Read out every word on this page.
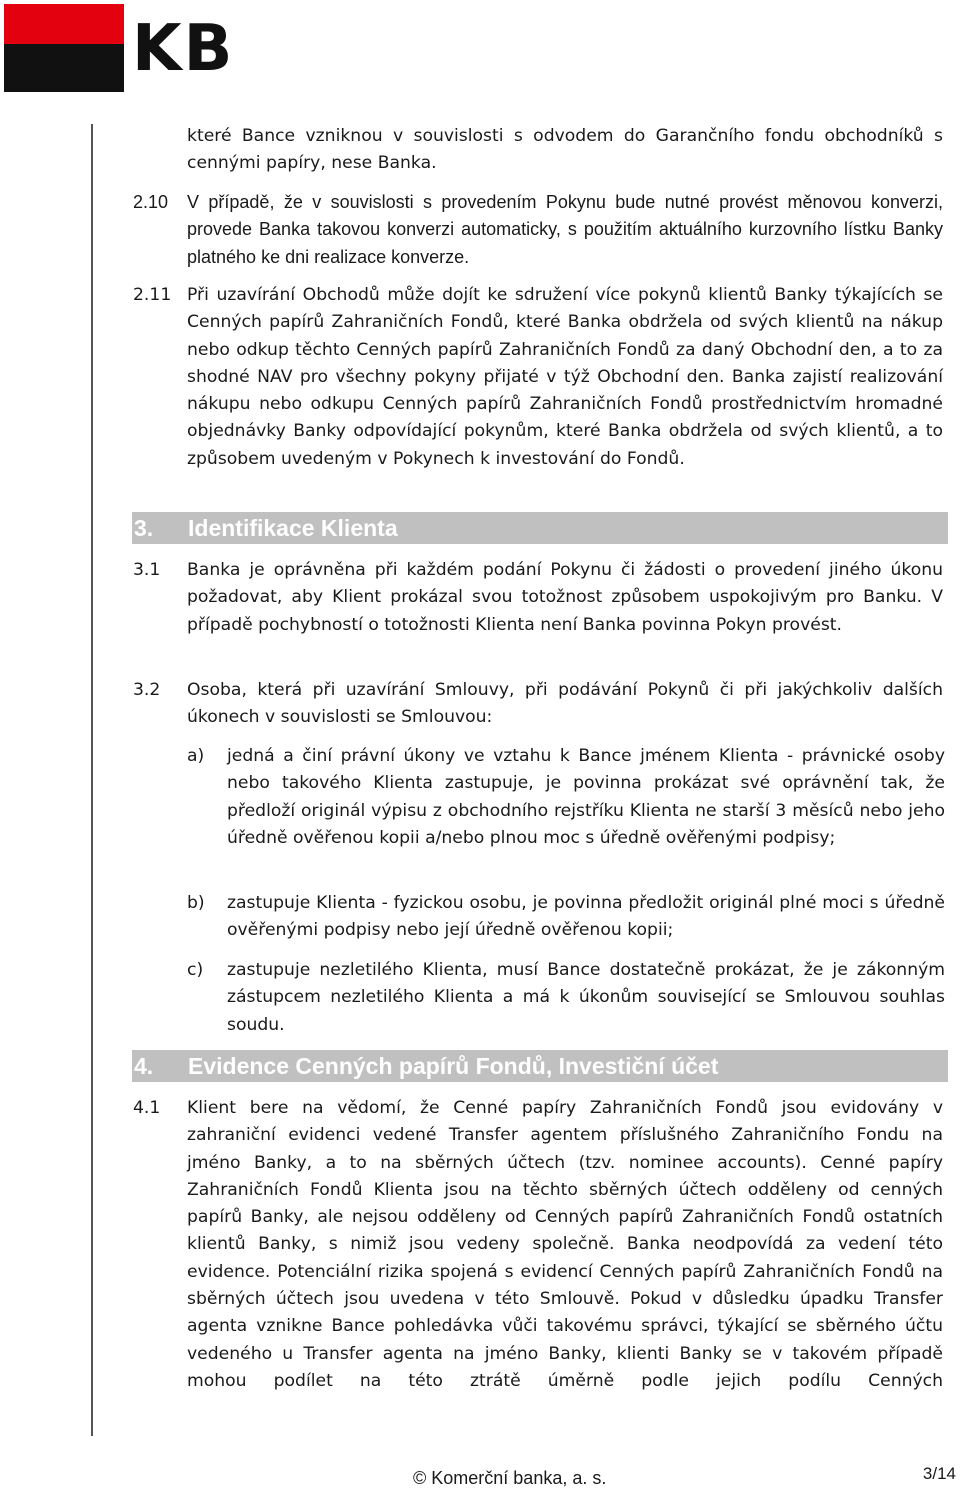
KB
které Bance vzniknou v souvislosti s odvodem do Garančního fondu obchodníků s cennými papíry, nese Banka.
2.10 V případě, že v souvislosti s provedením Pokynu bude nutné provést měnovou konverzi, provede Banka takovou konverzi automaticky, s použitím aktuálního kurzovního lístku Banky platného ke dni realizace konverze.
2.11 Při uzavírání Obchodů může dojít ke sdružení více pokynů klientů Banky týkajících se Cenných papírů Zahraničních Fondů, které Banka obdržela od svých klientů na nákup nebo odkup těchto Cenných papírů Zahraničních Fondů za daný Obchodní den, a to za shodné NAV pro všechny pokyny přijaté v týž Obchodní den. Banka zajistí realizování nákupu nebo odkupu Cenných papírů Zahraničních Fondů prostřednictvím hromadné objednávky Banky odpovídající pokynům, které Banka obdržela od svých klientů, a to způsobem uvedeným v Pokynech k investování do Fondů.
3. Identifikace Klienta
3.1 Banka je oprávněna při každém podání Pokynu či žádosti o provedení jiného úkonu požadovat, aby Klient prokázal svou totožnost způsobem uspokojivým pro Banku. V případě pochybností o totožnosti Klienta není Banka povinna Pokyn provést.
3.2 Osoba, která při uzavírání Smlouvy, při podávání Pokynů či při jakýchkoliv dalších úkonech v souvislosti se Smlouvou:
a) jedná a činí právní úkony ve vztahu k Bance jménem Klienta - právnické osoby nebo takového Klienta zastupuje, je povinna prokázat své oprávnění tak, že předloží originál výpisu z obchodního rejstříku Klienta ne starší 3 měsíců nebo jeho úředně ověřenou kopii a/nebo plnou moc s úředně ověřenými podpisy;
b) zastupuje Klienta - fyzickou osobu, je povinna předložit originál plné moci s úředně ověřenými podpisy nebo její úředně ověřenou kopii;
c) zastupuje nezletilého Klienta, musí Bance dostatečně prokázat, že je zákonným zástupcem nezletilého Klienta a má k úkonům související se Smlouvou souhlas soudu.
4. Evidence Cenných papírů Fondů, Investiční účet
4.1 Klient bere na vědomí, že Cenné papíry Zahraničních Fondů jsou evidovány v zahraniční evidenci vedené Transfer agentem příslušného Zahraničního Fondu na jméno Banky, a to na sběrných účtech (tzv. nominee accounts). Cenné papíry Zahraničních Fondů Klienta jsou na těchto sběrných účtech odděleny od cenných papírů Banky, ale nejsou odděleny od Cenných papírů Zahraničních Fondů ostatních klientů Banky, s nimiž jsou vedeny společně. Banka neodpovídá za vedení této evidence. Potenciální rizika spojená s evidencí Cenných papírů Zahraničních Fondů na sběrných účtech jsou uvedena v této Smlouvě. Pokud v důsledku úpadku Transfer agenta vznikne Bance pohledávka vůči takovému správci, týkající se sběrného účtu vedeného u Transfer agenta na jméno Banky, klienti Banky se v takovém případě mohou podílet na této ztrátě úměrně podle jejich podílu Cenných
© Komerční banka, a. s.	3/14
